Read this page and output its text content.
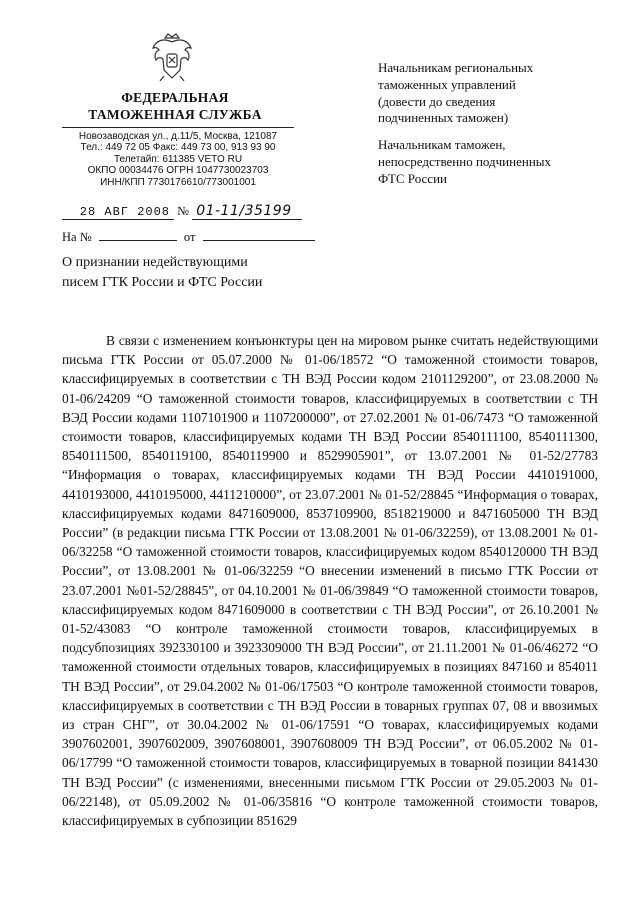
ФЕДЕРАЛЬНАЯ
ТАМОЖЕННАЯ СЛУЖБА
Новозаводская ул., д.11/5, Москва, 121087
Тел.: 449 72 05 Факс: 449 73 00, 913 93 90
Телетайп: 611385 VETO RU
ОКПО 00034476 ОГРН 1047730023703
ИНН/КПП 7730176610/773001001
28 АВГ 2008 № 01-11/35199
На №	от
Начальникам региональных
таможенных управлений
(довести до сведения
подчиненных таможен)
Начальникам таможен,
непосредственно подчиненных
ФТС России
О признании недействующими
писем ГТК России и ФТС России
В связи с изменением конъюнктуры цен на мировом рынке считать недействующими письма ГТК России от 05.07.2000 № 01-06/18572 “О таможенной стоимости товаров, классифицируемых в соответствии с ТН ВЭД России кодом 2101129200”, от 23.08.2000 № 01-06/24209 “О таможенной стоимости товаров, классифицируемых в соответствии с ТН ВЭД России кодами 1107101900 и 1107200000”, от 27.02.2001 № 01-06/7473 “О таможенной стоимости товаров, классифицируемых кодами ТН ВЭД России 8540111100, 8540111300, 8540111500, 8540119100, 8540119900 и 8529905901”, от 13.07.2001 № 01-52/27783 “Информация о товарах, классифицируемых кодами ТН ВЭД России 4410191000, 4410193000, 4410195000, 4411210000”, от 23.07.2001 № 01-52/28845 “Информация о товарах, классифицируемых кодами 8471609000, 8537109900, 8518219000 и 8471605000 ТН ВЭД России” (в редакции письма ГТК России от 13.08.2001 № 01-06/32259), от 13.08.2001 № 01-06/32258 “О таможенной стоимости товаров, классифицируемых кодом 8540120000 ТН ВЭД России”, от 13.08.2001 № 01-06/32259 “О внесении изменений в письмо ГТК России от 23.07.2001 №01-52/28845”, от 04.10.2001 № 01-06/39849 “О таможенной стоимости товаров, классифицируемых кодом 8471609000 в соответствии с ТН ВЭД России”, от 26.10.2001 № 01-52/43083 “О контроле таможенной стоимости товаров, классифицируемых в подсубпозициях 392330100 и 3923309000 ТН ВЭД России”, от 21.11.2001 № 01-06/46272 “О таможенной стоимости отдельных товаров, классифицируемых в позициях 847160 и 854011 ТН ВЭД России”, от 29.04.2002 № 01-06/17503 “О контроле таможенной стоимости товаров, классифицируемых в соответствии с ТН ВЭД России в товарных группах 07, 08 и ввозимых из стран СНГ”, от 30.04.2002 № 01-06/17591 “О товарах, классифицируемых кодами 3907602001, 3907602009, 3907608001, 3907608009 ТН ВЭД России”, от 06.05.2002 № 01-06/17799 “О таможенной стоимости товаров, классифицируемых в товарной позиции 841430 ТН ВЭД России” (с изменениями, внесенными письмом ГТК России от 29.05.2003 № 01-06/22148), от 05.09.2002 № 01-06/35816 “О контроле таможенной стоимости товаров, классифицируемых в субпозиции 851629
